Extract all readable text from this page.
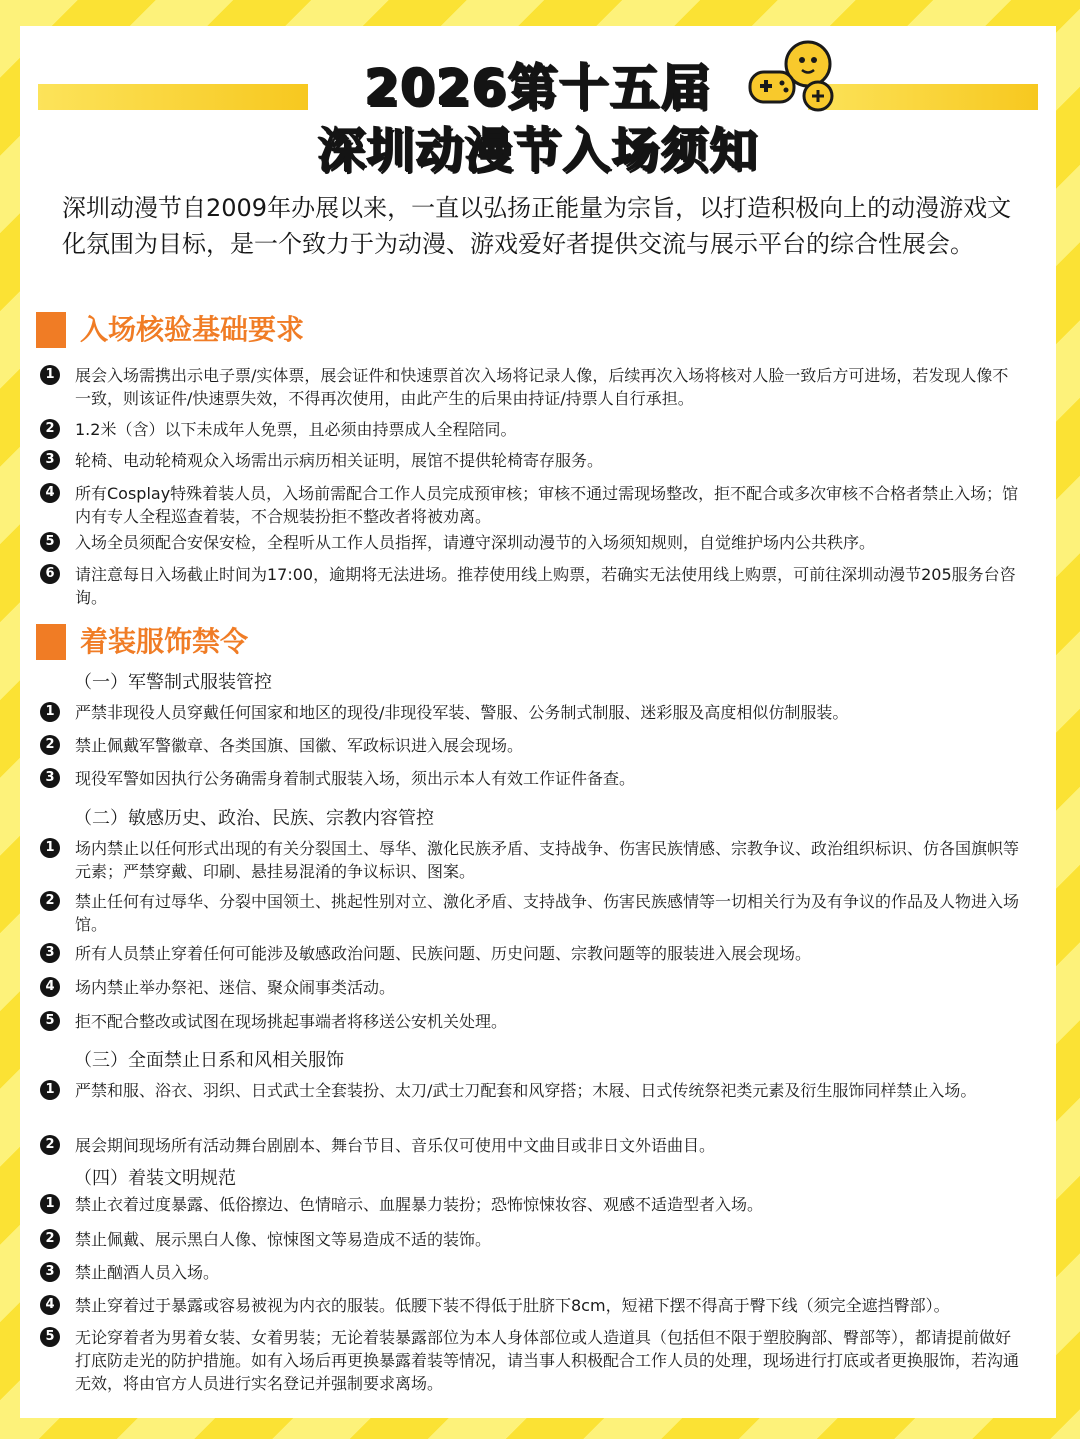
2026第十五届
深圳动漫节入场须知
深圳动漫节自2009年办展以来，一直以弘扬正能量为宗旨，以打造积极向上的动漫游戏文化氛围为目标，是一个致力于为动漫、游戏爱好者提供交流与展示平台的综合性展会。
入场核验基础要求
1	展会入场需携出示电子票/实体票，展会证件和快速票首次入场将记录人像，后续再次入场将核对人脸一致后方可进场，若发现人像不一致，则该证件/快速票失效，不得再次使用，由此产生的后果由持证/持票人自行承担。
2	1.2米（含）以下未成年人免票，且必须由持票成人全程陪同。
3	轮椅、电动轮椅观众入场需出示病历相关证明，展馆不提供轮椅寄存服务。
4	所有Cosplay特殊着装人员，入场前需配合工作人员完成预审核；审核不通过需现场整改，拒不配合或多次审核不合格者禁止入场；馆内有专人全程巡查着装，不合规装扮拒不整改者将被劝离。
5	入场全员须配合安保安检，全程听从工作人员指挥，请遵守深圳动漫节的入场须知规则，自觉维护场内公共秩序。
6	请注意每日入场截止时间为17:00，逾期将无法进场。推荐使用线上购票，若确实无法使用线上购票，可前往深圳动漫节205服务台咨询。
着装服饰禁令
（一）军警制式服装管控
1	严禁非现役人员穿戴任何国家和地区的现役/非现役军装、警服、公务制式制服、迷彩服及高度相似仿制服装。
2	禁止佩戴军警徽章、各类国旗、国徽、军政标识进入展会现场。
3	现役军警如因执行公务确需身着制式服装入场，须出示本人有效工作证件备查。
（二）敏感历史、政治、民族、宗教内容管控
1	场内禁止以任何形式出现的有关分裂国土、辱华、激化民族矛盾、支持战争、伤害民族情感、宗教争议、政治组织标识、仿各国旗帜等元素；严禁穿戴、印刷、悬挂易混淆的争议标识、图案。
2	禁止任何有过辱华、分裂中国领土、挑起性别对立、激化矛盾、支持战争、伤害民族感情等一切相关行为及有争议的作品及人物进入场馆。
3	所有人员禁止穿着任何可能涉及敏感政治问题、民族问题、历史问题、宗教问题等的服装进入展会现场。
4	场内禁止举办祭祀、迷信、聚众闹事类活动。
5	拒不配合整改或试图在现场挑起事端者将移送公安机关处理。
（三）全面禁止日系和风相关服饰
1	严禁和服、浴衣、羽织、日式武士全套装扮、太刀/武士刀配套和风穿搭；木屐、日式传统祭祀类元素及衍生服饰同样禁止入场。
2	展会期间现场所有活动舞台剧剧本、舞台节目、音乐仅可使用中文曲目或非日文外语曲目。
（四）着装文明规范
1	禁止衣着过度暴露、低俗擦边、色情暗示、血腥暴力装扮；恐怖惊悚妆容、观感不适造型者入场。
2	禁止佩戴、展示黑白人像、惊悚图文等易造成不适的装饰。
3	禁止酗酒人员入场。
4	禁止穿着过于暴露或容易被视为内衣的服装。低腰下装不得低于肚脐下8cm，短裙下摆不得高于臀下线（须完全遮挡臀部）。
5	无论穿着者为男着女装、女着男装；无论着装暴露部位为本人身体部位或人造道具（包括但不限于塑胶胸部、臀部等），都请提前做好打底防走光的防护措施。如有入场后再更换暴露着装等情况，请当事人积极配合工作人员的处理，现场进行打底或者更换服饰，若沟通无效，将由官方人员进行实名登记并强制要求离场。
